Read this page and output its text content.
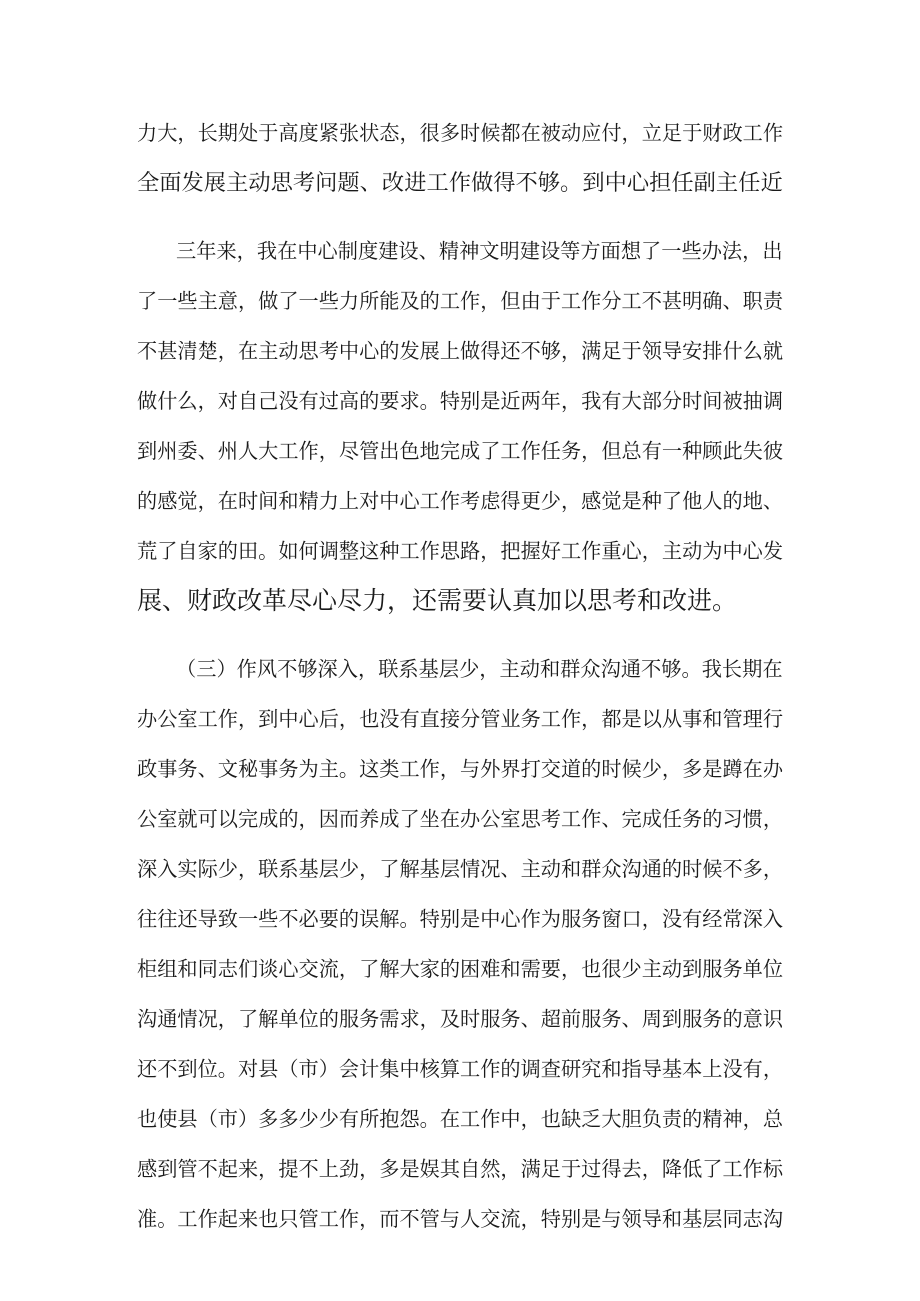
力大，长期处于高度紧张状态，很多时候都在被动应付，立足于财政工作
全面发展主动思考问题、改进工作做得不够。到中心担任副主任近
三年来，我在中心制度建设、精神文明建设等方面想了一些办法，出
了一些主意，做了一些力所能及的工作，但由于工作分工不甚明确、职责
不甚清楚，在主动思考中心的发展上做得还不够，满足于领导安排什么就
做什么，对自己没有过高的要求。特别是近两年，我有大部分时间被抽调
到州委、州人大工作，尽管出色地完成了工作任务，但总有一种顾此失彼
的感觉，在时间和精力上对中心工作考虑得更少，感觉是种了他人的地、
荒了自家的田。如何调整这种工作思路，把握好工作重心，主动为中心发
展、财政改革尽心尽力，还需要认真加以思考和改进。
（三）作风不够深入，联系基层少，主动和群众沟通不够。我长期在
办公室工作，到中心后，也没有直接分管业务工作，都是以从事和管理行
政事务、文秘事务为主。这类工作，与外界打交道的时候少，多是蹲在办
公室就可以完成的，因而养成了坐在办公室思考工作、完成任务的习惯，
深入实际少，联系基层少，了解基层情况、主动和群众沟通的时候不多，
往往还导致一些不必要的误解。特别是中心作为服务窗口，没有经常深入
柜组和同志们谈心交流，了解大家的困难和需要，也很少主动到服务单位
沟通情况，了解单位的服务需求，及时服务、超前服务、周到服务的意识
还不到位。对县（市）会计集中核算工作的调查研究和指导基本上没有，
也使县（市）多多少少有所抱怨。在工作中，也缺乏大胆负责的精神，总
感到管不起来，提不上劲，多是娱其自然，满足于过得去，降低了工作标
准。工作起来也只管工作，而不管与人交流，特别是与领导和基层同志沟
